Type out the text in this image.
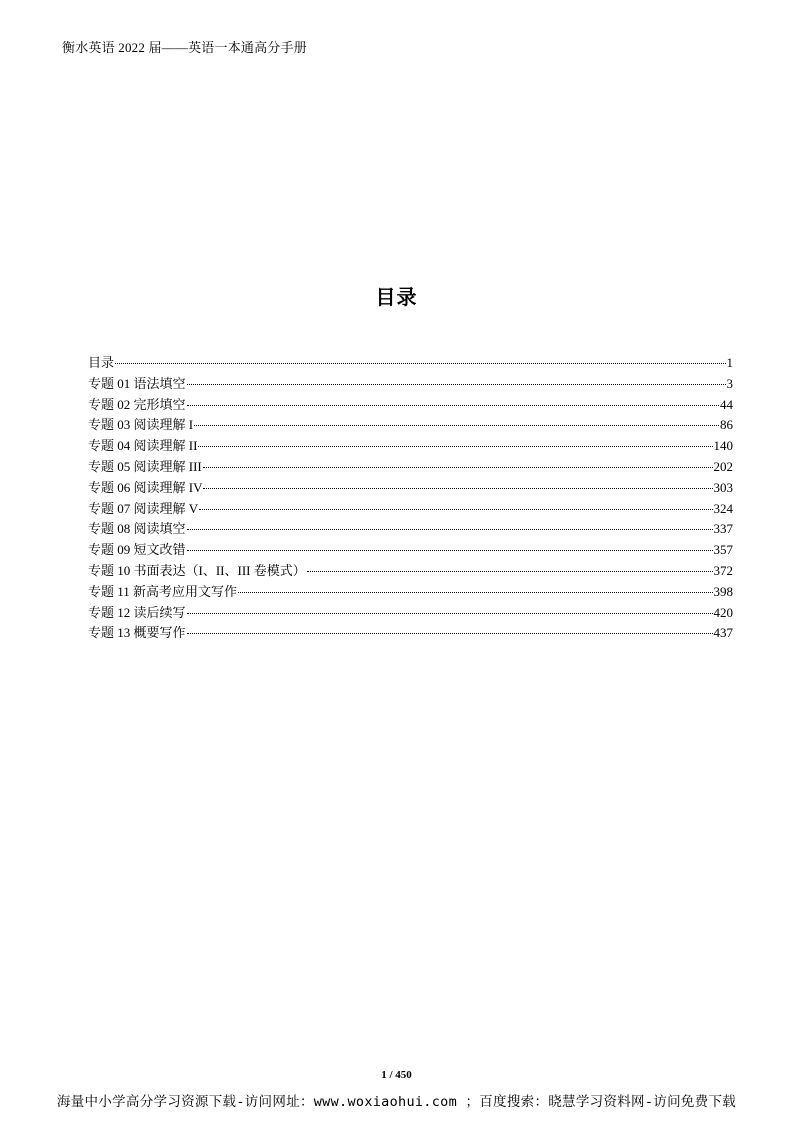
衡水英语 2022 届——英语一本通高分手册
目录
目录	1
专题 01 语法填空	3
专题 02 完形填空	44
专题 03 阅读理解 I	86
专题 04 阅读理解 II	140
专题 05 阅读理解 III	202
专题 06 阅读理解 IV	303
专题 07 阅读理解 V	324
专题 08 阅读填空	337
专题 09 短文改错	357
专题 10 书面表达（I、II、III 卷模式）	372
专题 11 新高考应用文写作	398
专题 12 读后续写	420
专题 13 概要写作	437
1 / 450
海量中小学高分学习资源下载-访问网址：www.woxiaohui.com ；百度搜索：晓慧学习资料网-访问免费下载
